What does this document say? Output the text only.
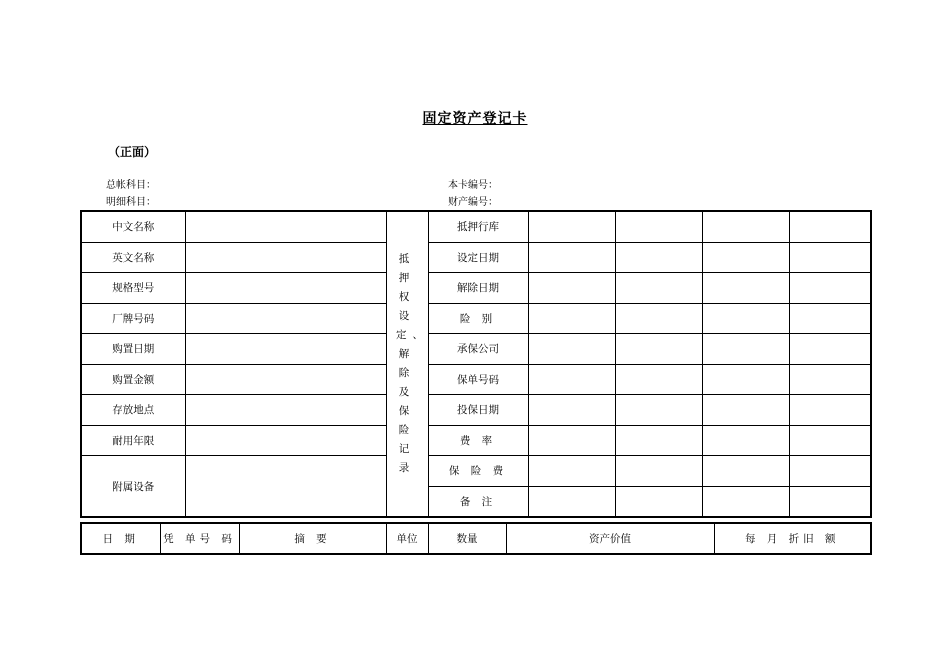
固定资产登记卡
（正面）
总帐科目：	本卡编号：
明细科目：	财产编号：
中文名称		抵押权设定、解除及保险记录	抵押行库				
英文名称			设定日期				
规格型号			解除日期				
厂牌号码			险 别				
购置日期			承保公司				
购置金额			保单号码				
存放地点			投保日期				
耐用年限			费 率				
附属设备			保 险 费				
			备 注				
日 期	凭 单号 码	摘 要	单位	数量	资产价值	每 月 折旧 额
